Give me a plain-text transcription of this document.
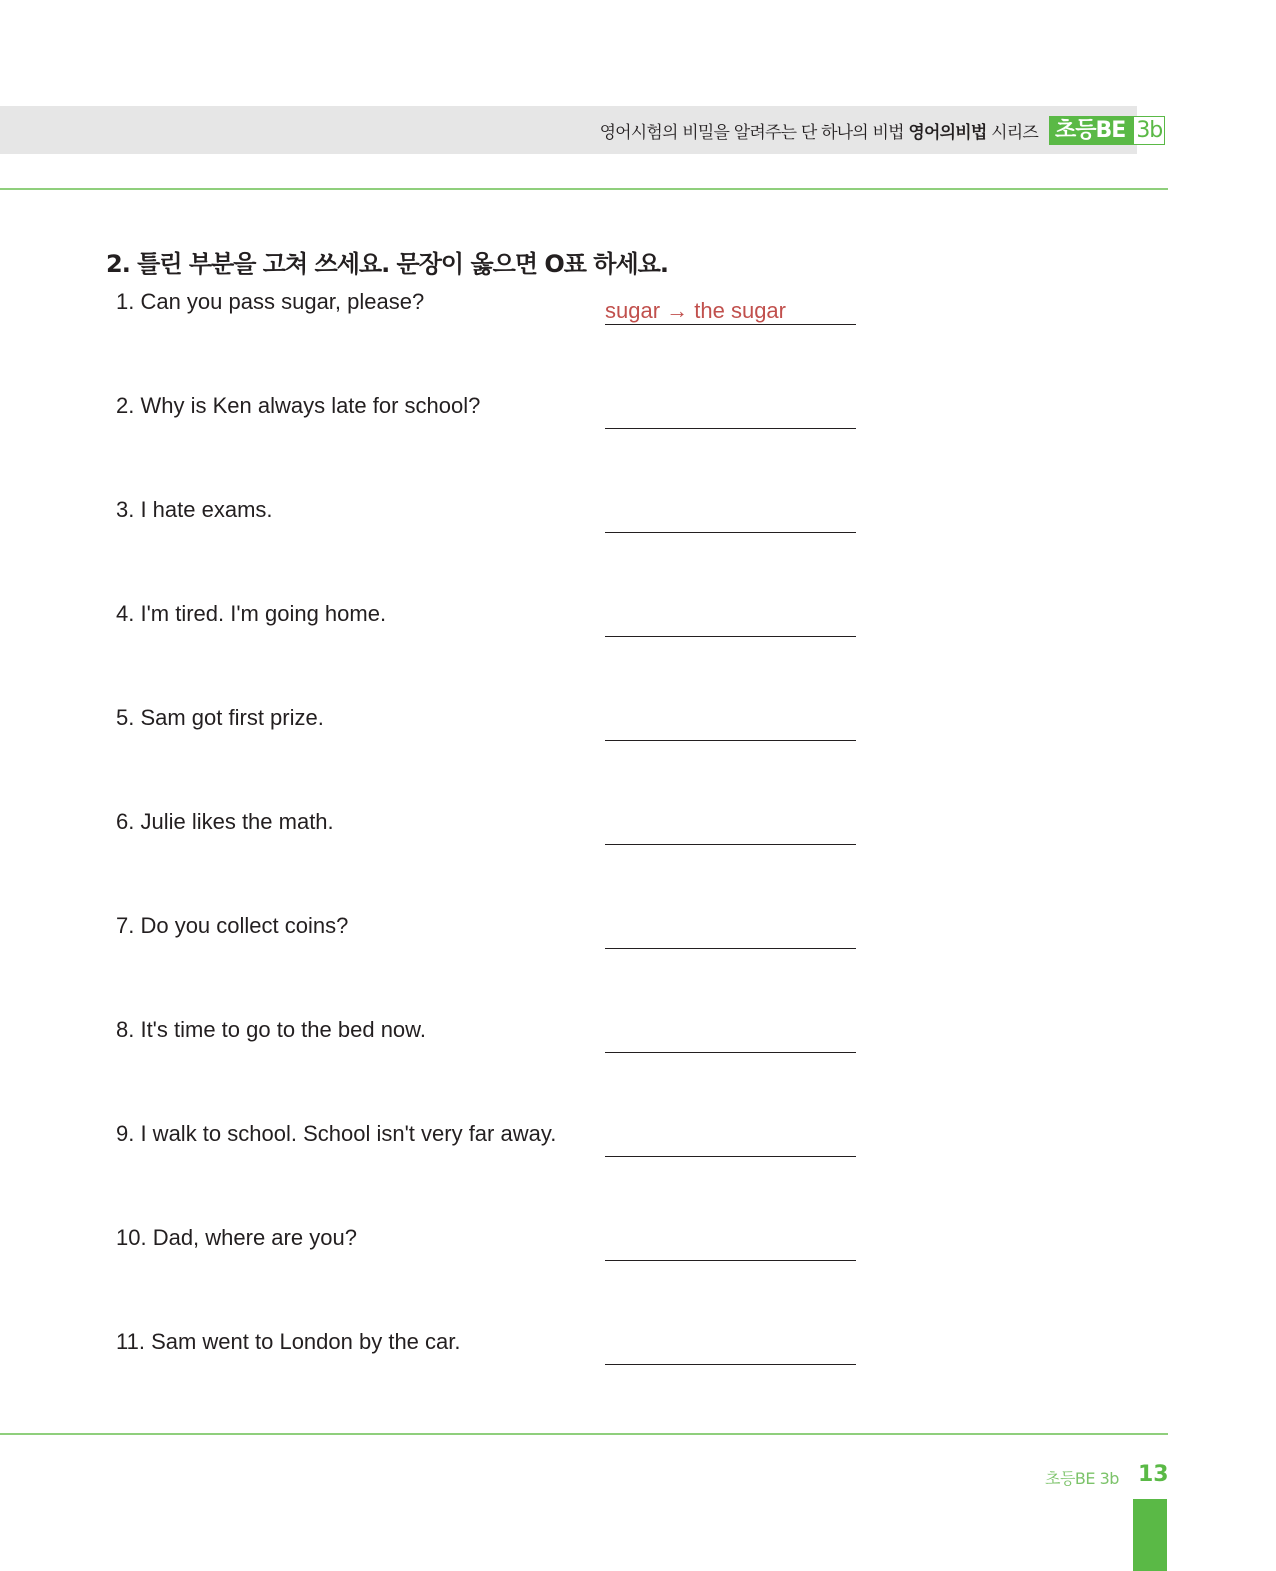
영어시험의 비밀을 알려주는 단 하나의 비법 영어의비법 시리즈 초등BE 3b
2. 틀린 부분을 고쳐 쓰세요. 문장이 옳으면 O표 하세요.
1. Can you pass sugar, please?	sugar → the sugar
2. Why is Ken always late for school?
3. I hate exams.
4. I'm tired. I'm going home.
5. Sam got first prize.
6. Julie likes the math.
7. Do you collect coins?
8. It's time to go to the bed now.
9. I walk to school. School isn't very far away.
10. Dad, where are you?
11. Sam went to London by the car.
초등BE 3b 13
